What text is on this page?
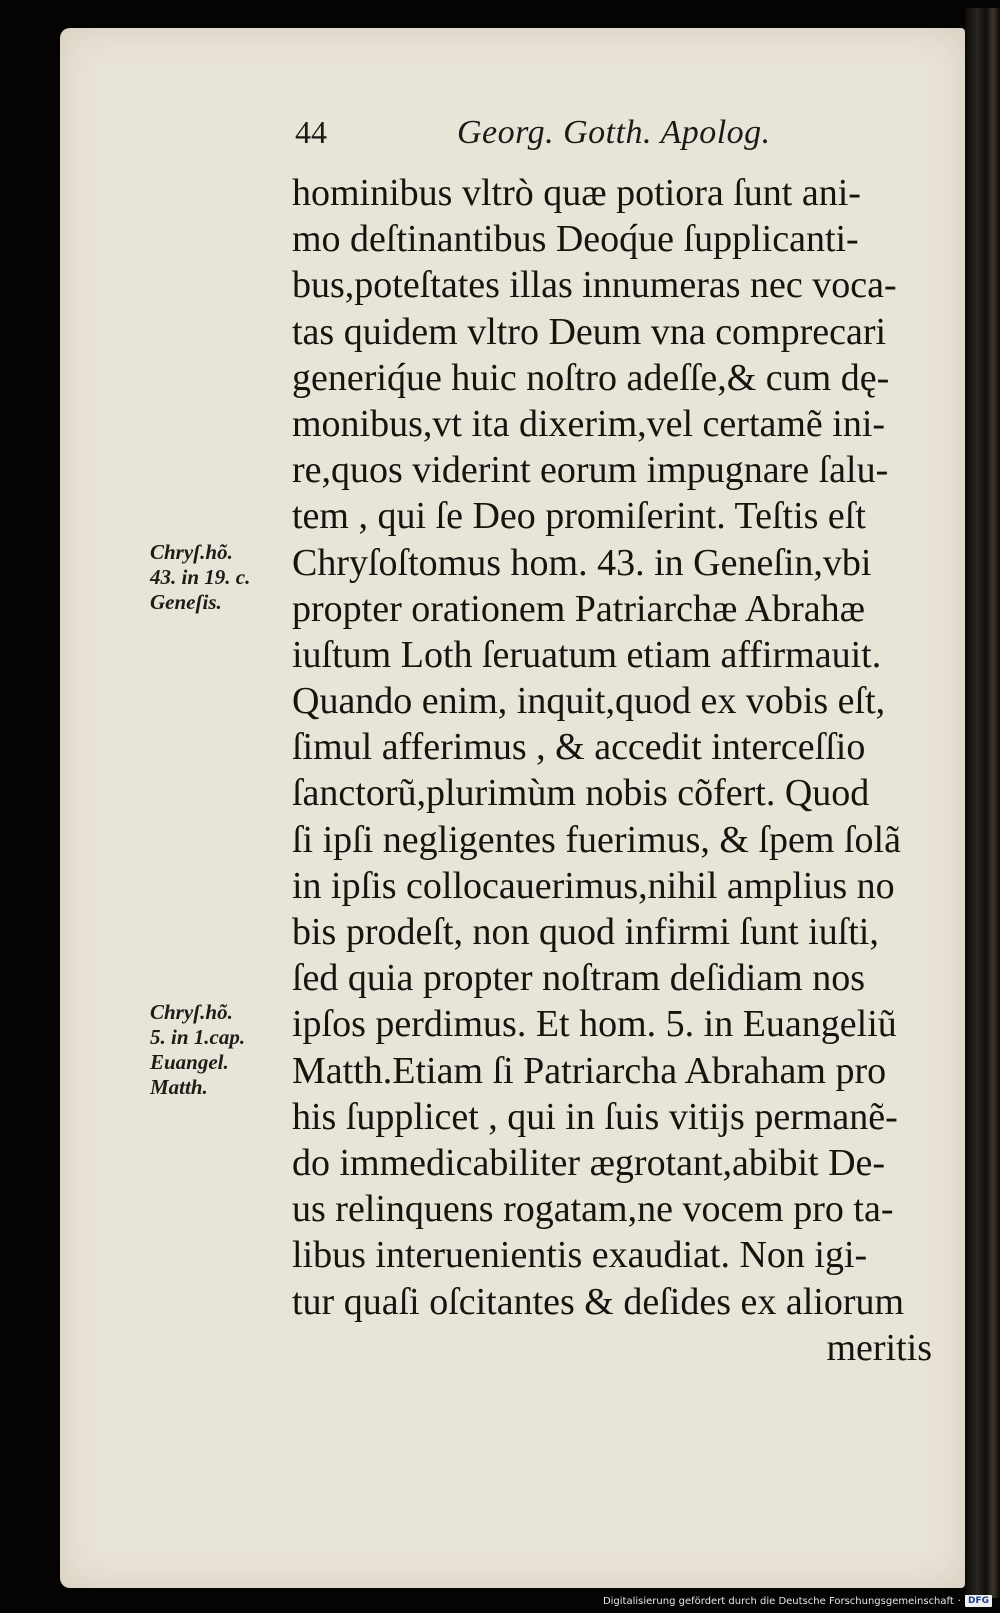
44	Georg. Gotth. Apolog.
hominibus vltrò quæ potiora ſunt ani-
mo deſtinantibus Deoq́ue ſupplicanti-
bus,poteſtates illas innumeras nec voca-
tas quidem vltro Deum vna comprecari
generiq́ue huic noſtro adeſſe,& cum dę-
monibus,vt ita dixerim,vel certamẽ ini-
re,quos viderint eorum impugnare ſalu-
tem , qui ſe Deo promiſerint. Teſtis eſt
Chryſoſtomus hom. 43. in Geneſin,vbi
propter orationem Patriarchæ Abrahæ
iuſtum Loth ſeruatum etiam affirmauit.
Quando enim, inquit,quod ex vobis eſt,
ſimul afferimus , & accedit interceſſio
ſanctorũ,plurimùm nobis cõfert. Quod
ſi ipſi negligentes fuerimus, & ſpem ſolã
in ipſis collocauerimus,nihil amplius no
bis prodeſt, non quod infirmi ſunt iuſti,
ſed quia propter noſtram deſidiam nos
ipſos perdimus. Et hom. 5. in Euangeliũ
Matth.Etiam ſi Patriarcha Abraham pro
his ſupplicet , qui in ſuis vitijs permanẽ-
do immedicabiliter ægrotant,abibit De-
us relinquens rogatam,ne vocem pro ta-
libus interuenientis exaudiat. Non igi-
tur quaſi oſcitantes & deſides ex aliorum
meritis
Chryſ.hõ.
43. in 19. c.
Geneſis.
Chryſ.hõ.
5. in 1.cap.
Euangel.
Matth.
Digitalisierung gefördert durch die Deutsche Forschungsgemeinschaft · DFG
